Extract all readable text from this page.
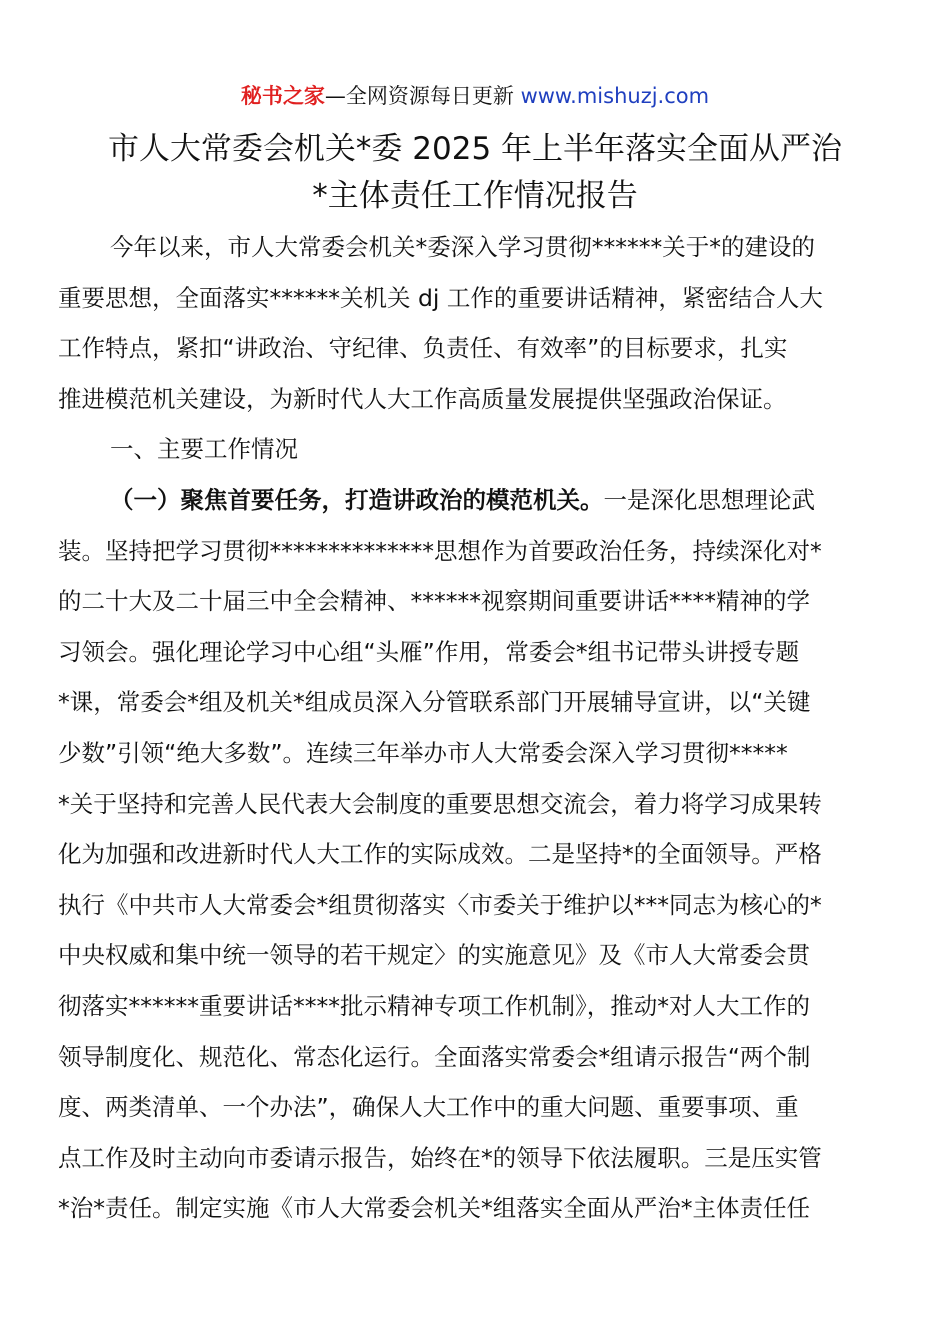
秘书之家—全网资源每日更新 www.mishuzj.com
市人大常委会机关*委 2025 年上半年落实全面从严治
*主体责任工作情况报告
今年以来，市人大常委会机关*委深入学习贯彻******关于*的建设的
重要思想，全面落实******关机关 dj 工作的重要讲话精神，紧密结合人大
工作特点，紧扣“讲政治、守纪律、负责任、有效率”的目标要求，扎实
推进模范机关建设，为新时代人大工作高质量发展提供坚强政治保证。
一、主要工作情况
（一）聚焦首要任务，打造讲政治的模范机关。一是深化思想理论武
装。坚持把学习贯彻**************思想作为首要政治任务，持续深化对*
的二十大及二十届三中全会精神、******视察期间重要讲话****精神的学
习领会。强化理论学习中心组“头雁”作用，常委会*组书记带头讲授专题
*课，常委会*组及机关*组成员深入分管联系部门开展辅导宣讲，以“关键
少数”引领“绝大多数”。连续三年举办市人大常委会深入学习贯彻*****
*关于坚持和完善人民代表大会制度的重要思想交流会，着力将学习成果转
化为加强和改进新时代人大工作的实际成效。二是坚持*的全面领导。严格
执行《中共市人大常委会*组贯彻落实〈市委关于维护以***同志为核心的*
中央权威和集中统一领导的若干规定〉的实施意见》及《市人大常委会贯
彻落实******重要讲话****批示精神专项工作机制》，推动*对人大工作的
领导制度化、规范化、常态化运行。全面落实常委会*组请示报告“两个制
度、两类清单、一个办法”，确保人大工作中的重大问题、重要事项、重
点工作及时主动向市委请示报告，始终在*的领导下依法履职。三是压实管
*治*责任。制定实施《市人大常委会机关*组落实全面从严治*主体责任任
